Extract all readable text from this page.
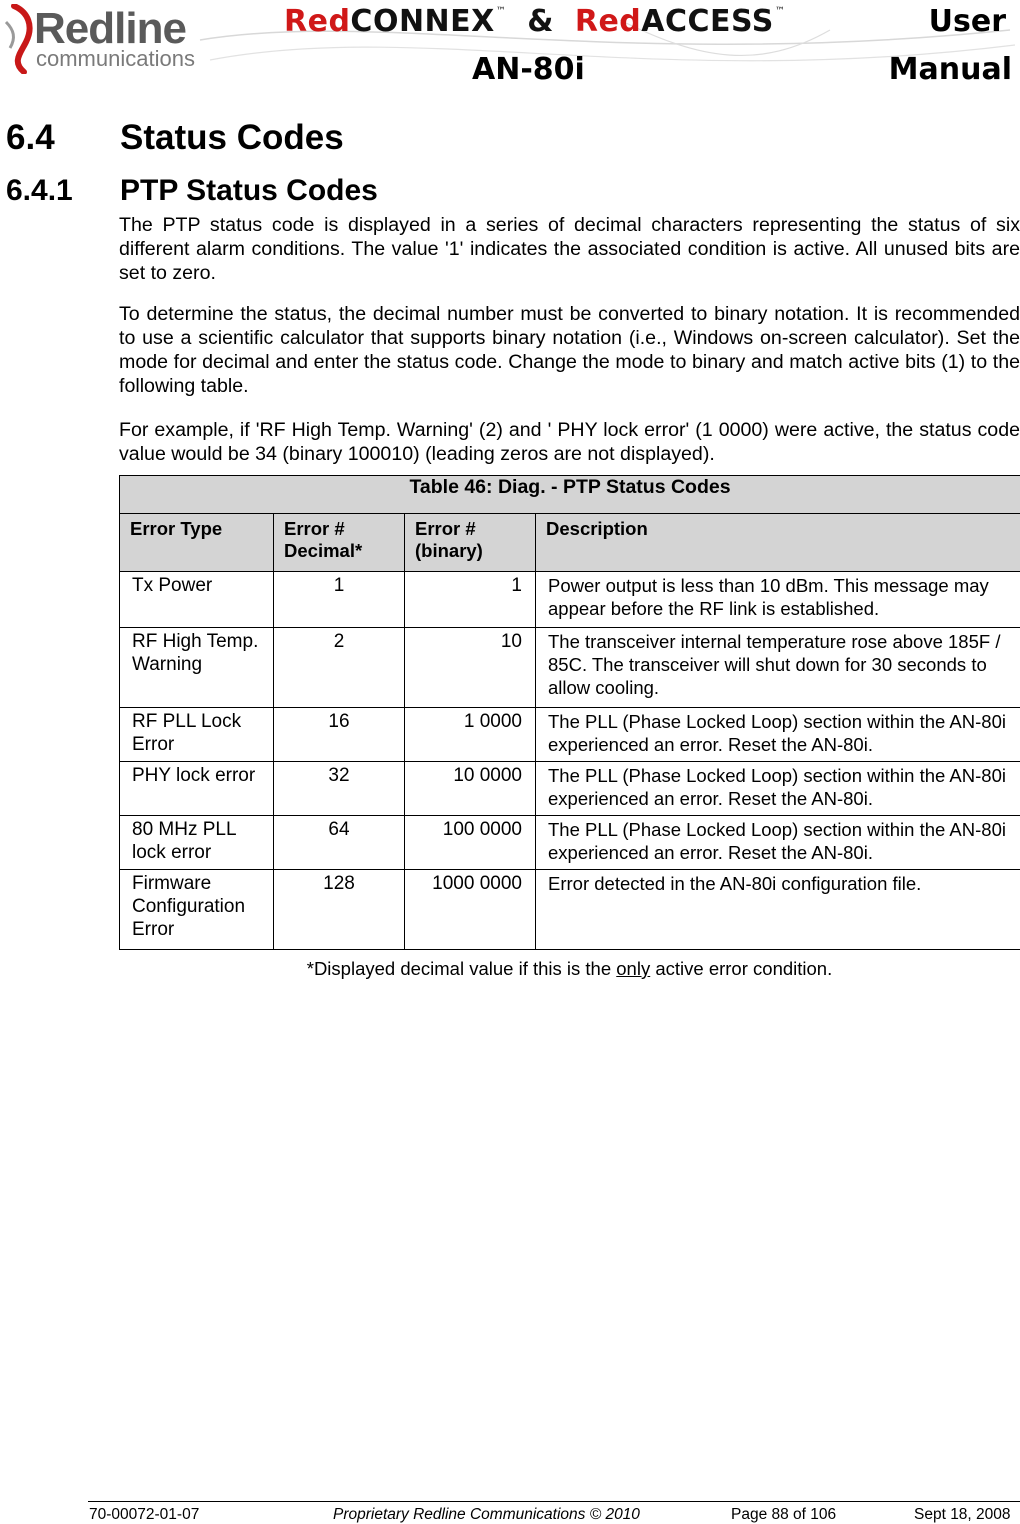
Redline
communications
RedCONNEX™ & RedACCESS™
AN-80i
User
Manual
6.4 Status Codes
6.4.1 PTP Status Codes

The PTP status code is displayed in a series of decimal characters representing the status of six different alarm conditions. The value '1' indicates the associated condition is active. All unused bits are set to zero.

To determine the status, the decimal number must be converted to binary notation. It is recommended to use a scientific calculator that supports binary notation (i.e., Windows on-screen calculator). Set the mode for decimal and enter the status code. Change the mode to binary and match active bits (1) to the following table.

For example, if 'RF High Temp. Warning' (2) and ' PHY lock error' (1 0000) were active, the status code value would be 34 (binary 100010) (leading zeros are not displayed).

Table 46: Diag. - PTP Status Codes			
Error Type	Error # Decimal*	Error # (binary)	Description
Tx Power	1	1	Power output is less than 10 dBm. This message may appear before the RF link is established.
RF High Temp. Warning	2	10	The transceiver internal temperature rose above 185F / 85C. The transceiver will shut down for 30 seconds to allow cooling.
RF PLL Lock Error	16	1 0000	The PLL (Phase Locked Loop) section within the AN-80i experienced an error. Reset the AN-80i.
PHY lock error	32	10 0000	The PLL (Phase Locked Loop) section within the AN-80i experienced an error. Reset the AN-80i.
80 MHz PLL lock error	64	100 0000	The PLL (Phase Locked Loop) section within the AN-80i experienced an error. Reset the AN-80i.
Firmware Configuration Error	128	1000 0000	Error detected in the AN-80i configuration file.
*Displayed decimal value if this is the only active error condition.
70-00072-01-07	Proprietary Redline Communications © 2010	Page 88 of 106	Sept 18, 2008
